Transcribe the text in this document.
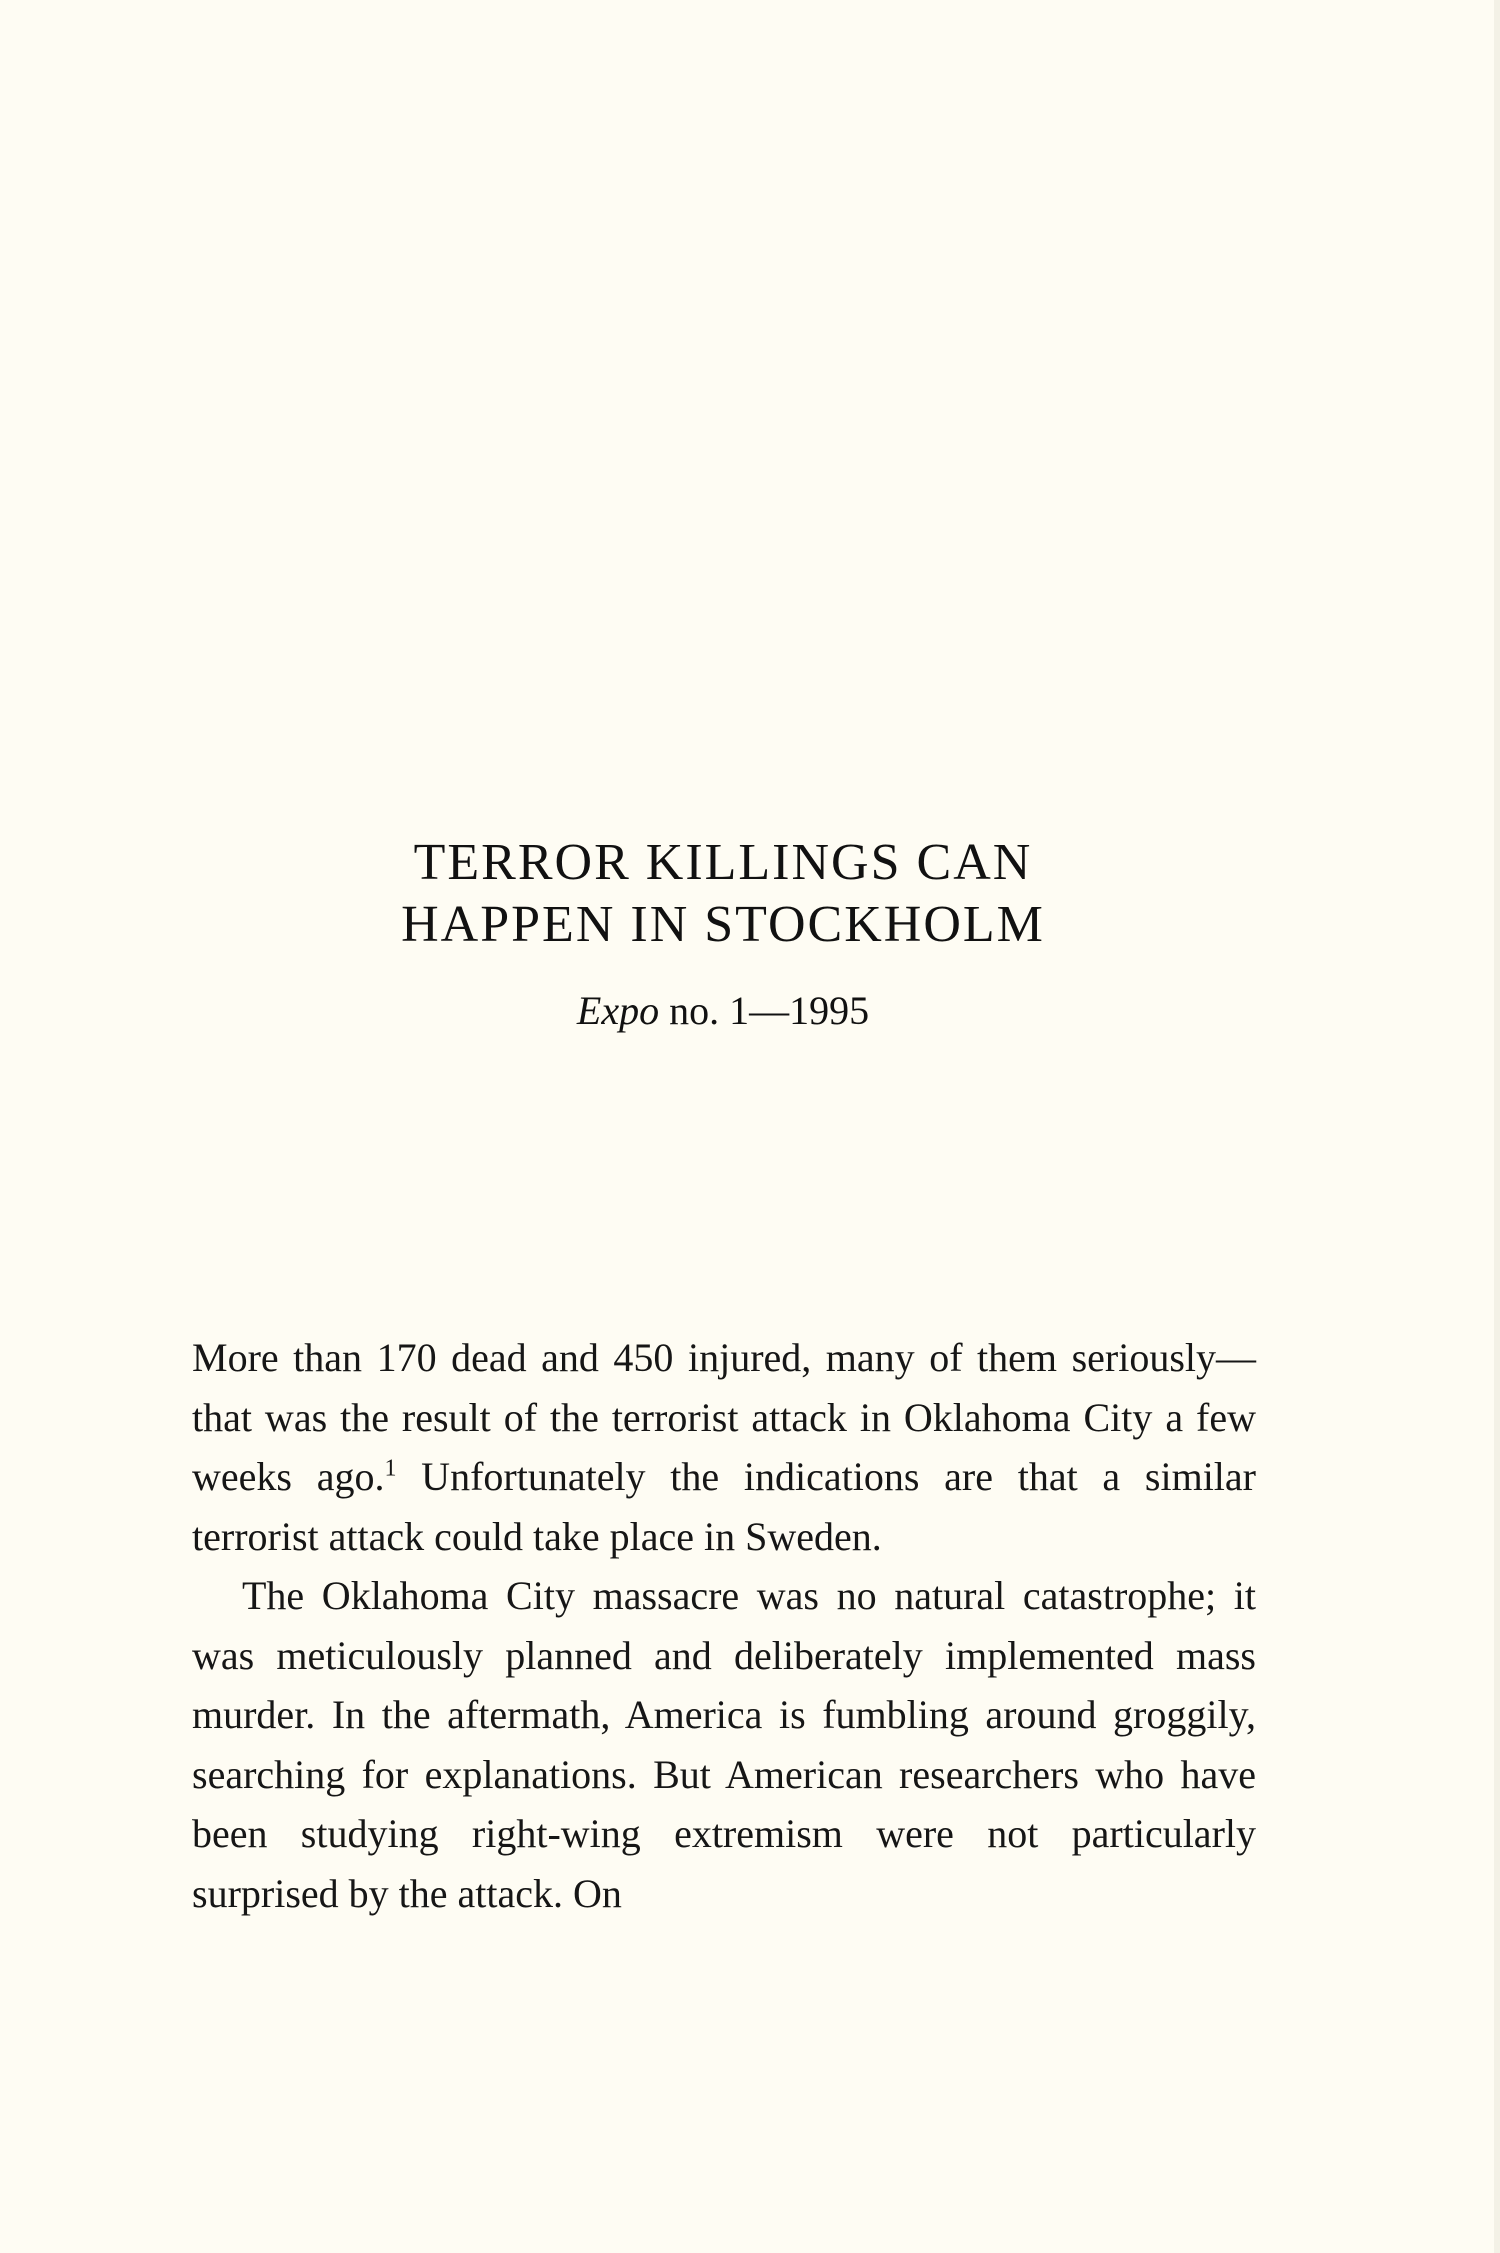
TERROR KILLINGS CAN
HAPPEN IN STOCKHOLM
Expo no. 1—1995

More than 170 dead and 450 injured, many of them seriously—that was the result of the terrorist attack in Oklahoma City a few weeks ago.$^1$ Unfortunately the indications are that a similar terrorist attack could take place in Sweden.

The Oklahoma City massacre was no natural catastrophe; it was meticulously planned and deliberately implemented mass murder. In the aftermath, America is fumbling around groggily, searching for explanations. But American researchers who have been studying right-wing extremism were not particularly surprised by the attack. On
